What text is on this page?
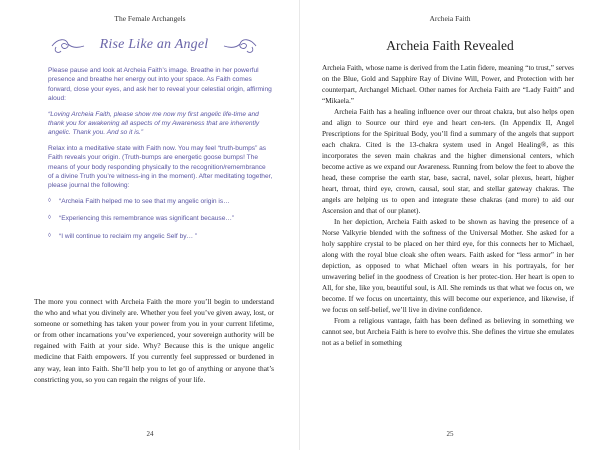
The Female Archangels
Rise Like an Angel

Please pause and look at Archeia Faith’s image. Breathe in her powerful presence and breathe her energy out into your space. As Faith comes forward, close your eyes, and ask her to reveal your celestial origin, affirming aloud:

“Loving Archeia Faith, please show me now my first angelic life-time and thank you for awakening all aspects of my Awareness that are inherently angelic. Thank you. And so it is.”

Relax into a meditative state with Faith now. You may feel “truth-bumps” as Faith reveals your origin. (Truth-bumps are energetic goose bumps! The means of your body responding physically to the recognition/remembrance of a divine Truth you’re witness-ing in the moment). After meditating together, please journal the following:

◊ “Archeia Faith helped me to see that my angelic origin is…
◊ “Experiencing this remembrance was significant because…”
◊ “I will continue to reclaim my angelic Self by… ”

The more you connect with Archeia Faith the more you’ll begin to understand the who and what you divinely are. Whether you feel you’ve given away, lost, or someone or something has taken your power from you in your current lifetime, or from other incarnations you’ve experienced, your sovereign authority will be regained with Faith at your side. Why? Because this is the unique angelic medicine that Faith empowers. If you currently feel suppressed or burdened in any way, lean into Faith. She’ll help you to let go of anything or anyone that’s constricting you, so you can regain the reigns of your life.

24
Archeia Faith
Archeia Faith Revealed

Archeia Faith, whose name is derived from the Latin fidere, meaning “to trust,” serves on the Blue, Gold and Sapphire Ray of Divine Will, Power, and Protection with her counterpart, Archangel Michael. Other names for Archeia Faith are “Lady Faith” and “Mikaela.”

Archeia Faith has a healing influence over our throat chakra, but also helps open and align to Source our third eye and heart cen-ters. (In Appendix II, Angel Prescriptions for the Spiritual Body, you’ll find a summary of the angels that support each chakra. Cited is the 13-chakra system used in Angel Healing®, as this incorporates the seven main chakras and the higher dimensional centers, which become active as we expand our Awareness. Running from below the feet to above the head, these comprise the earth star, base, sacral, navel, solar plexus, heart, higher heart, throat, third eye, crown, causal, soul star, and stellar gateway chakras. The angels are helping us to open and integrate these chakras (and more) to aid our Ascension and that of our planet).

In her depiction, Archeia Faith asked to be shown as having the presence of a Norse Valkyrie blended with the softness of the Universal Mother. She asked for a holy sapphire crystal to be placed on her third eye, for this connects her to Michael, along with the royal blue cloak she often wears. Faith asked for “less armor” in her depiction, as opposed to what Michael often wears in his portrayals, for her unwavering belief in the goodness of Creation is her protec-tion. Her heart is open to All, for she, like you, beautiful soul, is All. She reminds us that what we focus on, we become. If we focus on uncertainty, this will become our experience, and likewise, if we focus on self-belief, we’ll live in divine confidence.

From a religious vantage, faith has been defined as believing in something we cannot see, but Archeia Faith is here to evolve this. She defines the virtue she emulates not as a belief in something

25
